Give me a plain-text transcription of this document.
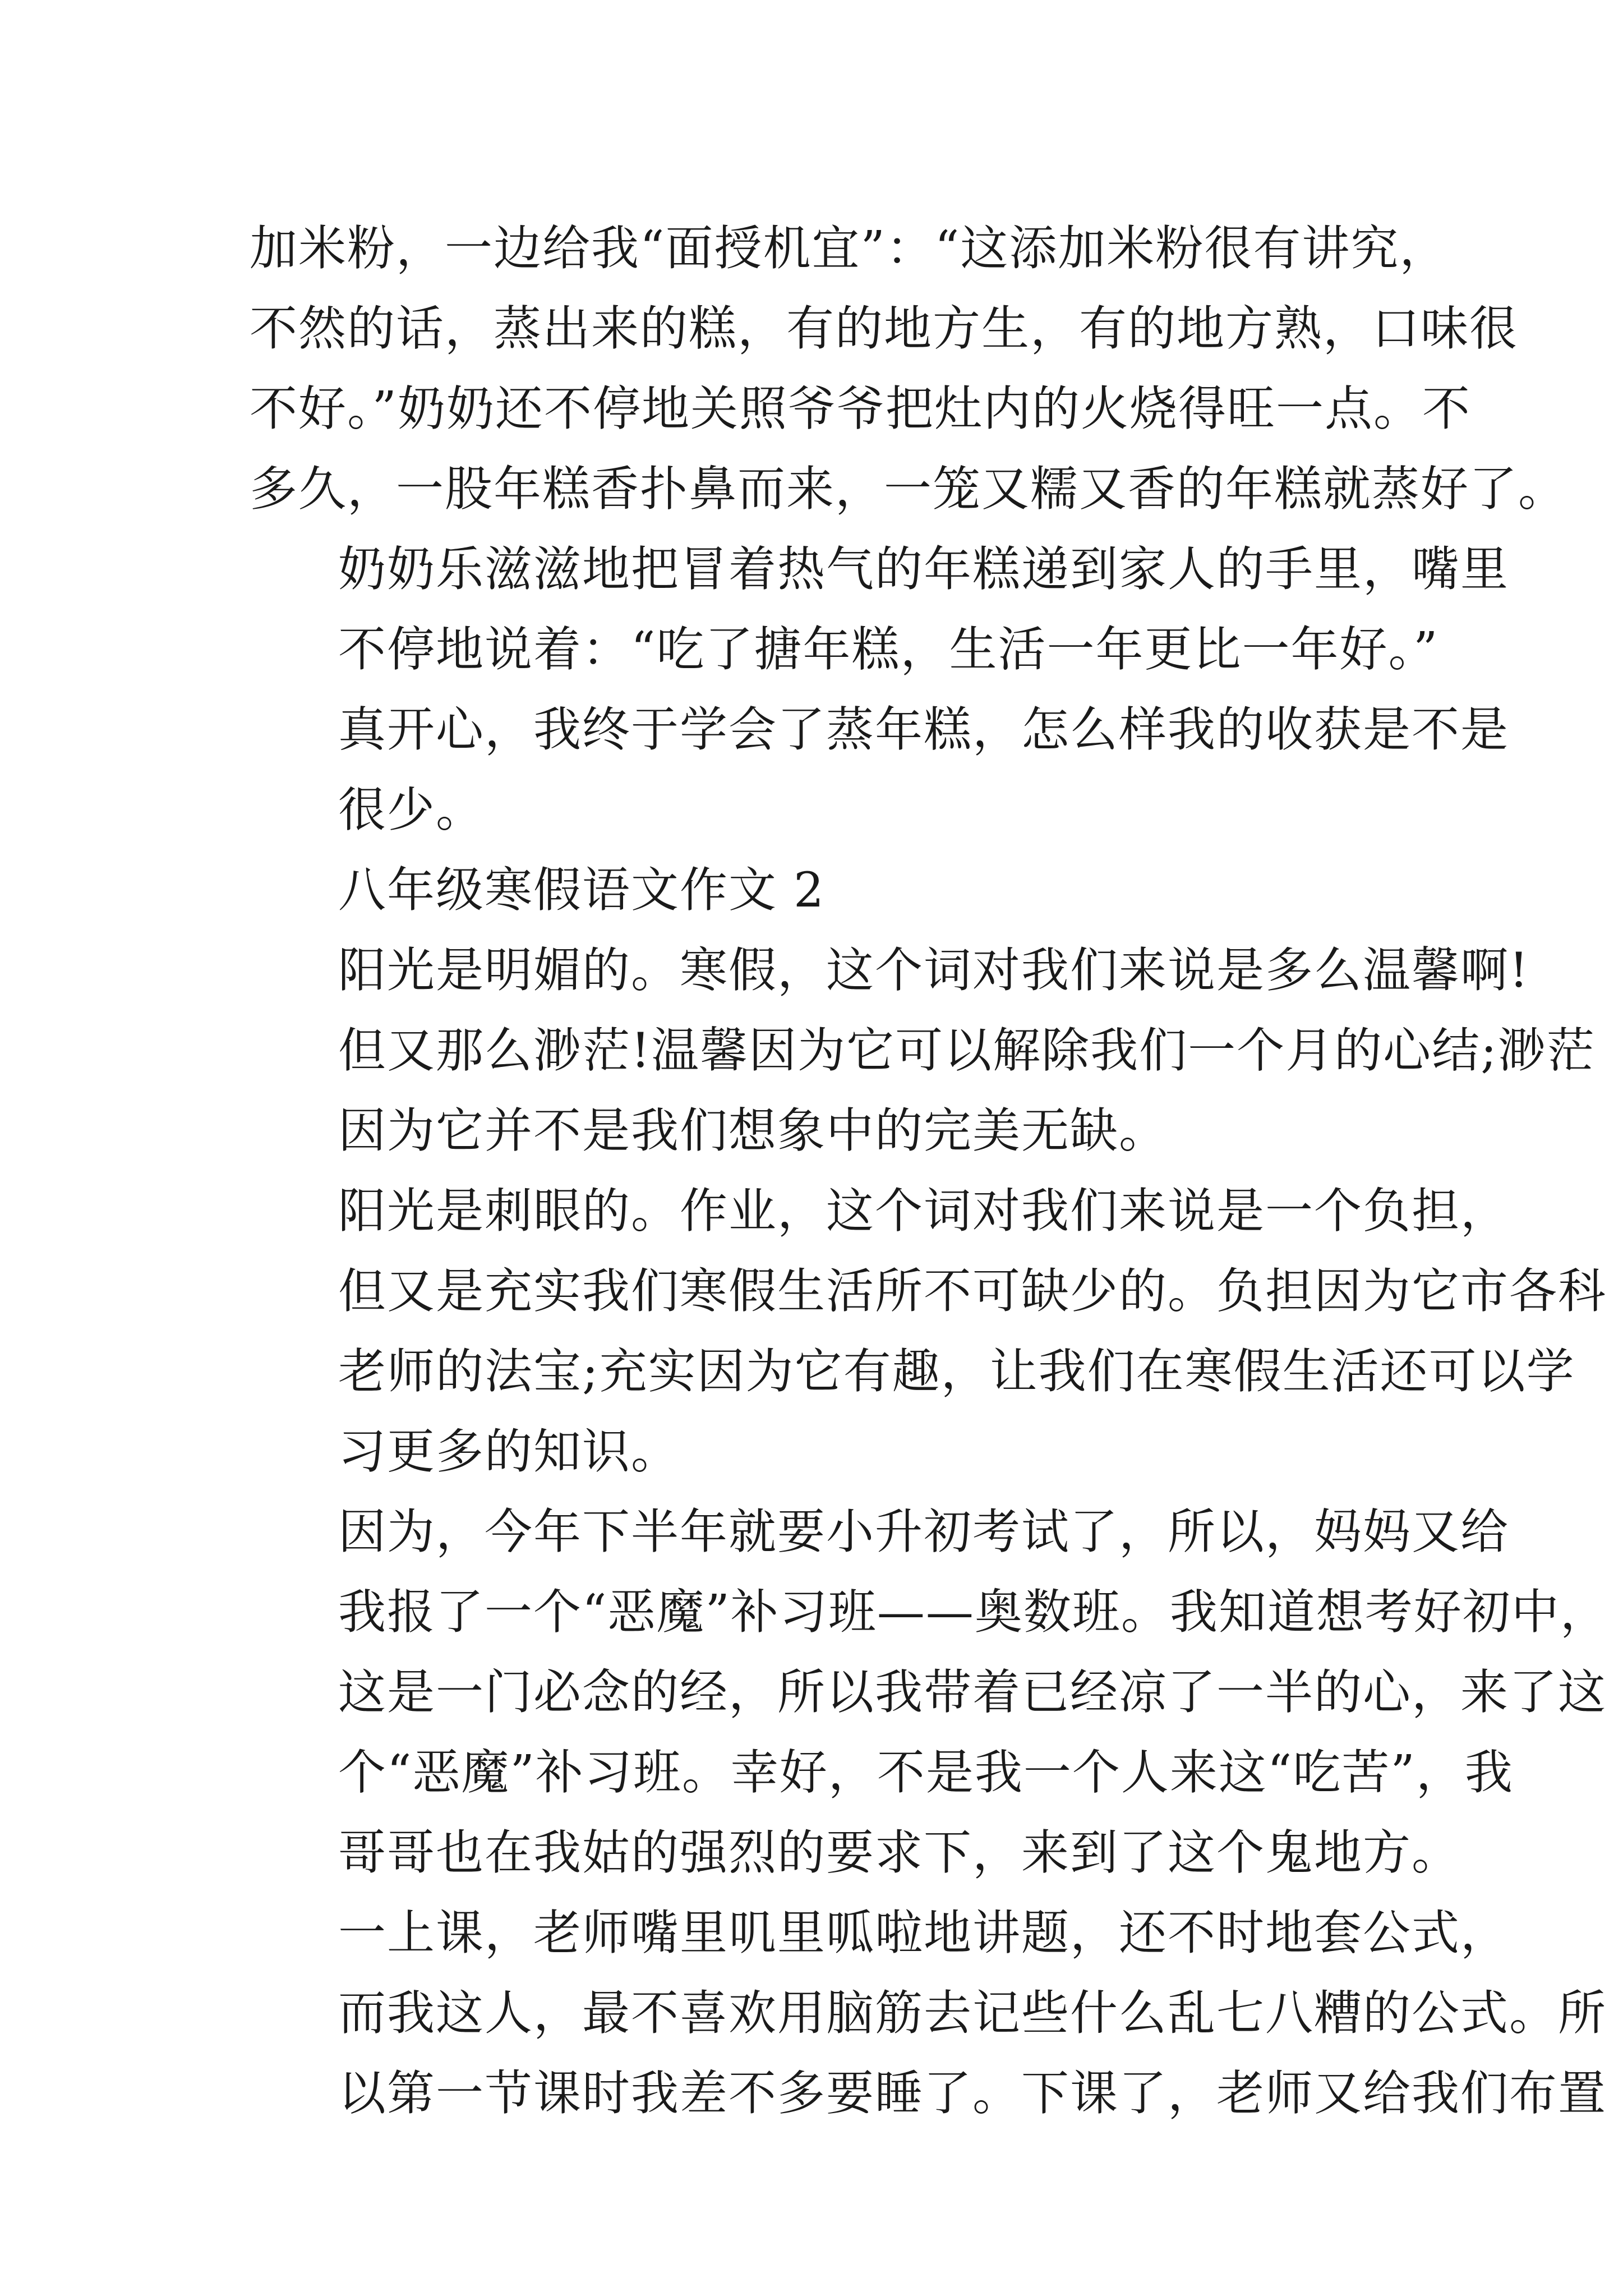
加米粉，一边给我“面授机宜”：“这添加米粉很有讲究，
不然的话，蒸出来的糕，有的地方生，有的地方熟，口味很
不好。”奶奶还不停地关照爷爷把灶内的火烧得旺一点。不
多久，一股年糕香扑鼻而来，一笼又糯又香的年糕就蒸好了。

奶奶乐滋滋地把冒着热气的年糕递到家人的手里，嘴里
不停地说着：“吃了搪年糕，生活一年更比一年好。”

真开心，我终于学会了蒸年糕，怎么样我的收获是不是
很少。

八年级寒假语文作文 2

阳光是明媚的。寒假，这个词对我们来说是多么温馨啊!
但又那么渺茫!温馨因为它可以解除我们一个月的心结;渺茫
因为它并不是我们想象中的完美无缺。

阳光是刺眼的。作业，这个词对我们来说是一个负担，
但又是充实我们寒假生活所不可缺少的。负担因为它市各科
老师的法宝;充实因为它有趣，让我们在寒假生活还可以学
习更多的知识。

因为，今年下半年就要小升初考试了，所以，妈妈又给
我报了一个“恶魔”补习班——奥数班。我知道想考好初中，
这是一门必念的经，所以我带着已经凉了一半的心，来了这
个“恶魔”补习班。幸好，不是我一个人来这“吃苦”，我
哥哥也在我姑的强烈的要求下，来到了这个鬼地方。

一上课，老师嘴里叽里呱啦地讲题，还不时地套公式，
而我这人，最不喜欢用脑筋去记些什么乱七八糟的公式。所
以第一节课时我差不多要睡了。下课了，老师又给我们布置
